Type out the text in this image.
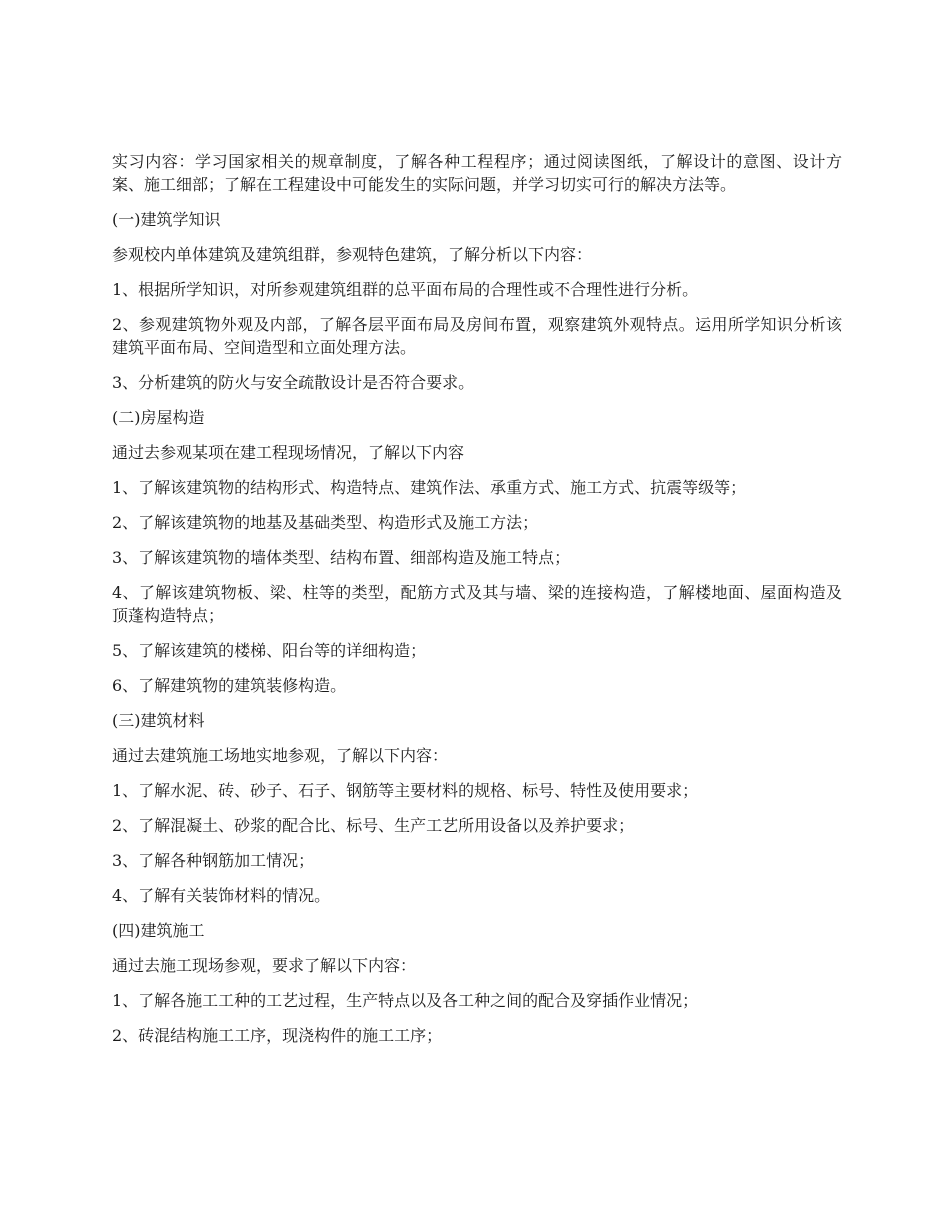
实习内容：学习国家相关的规章制度，了解各种工程程序；通过阅读图纸，了解设计的意图、设计方案、施工细部；了解在工程建设中可能发生的实际问题，并学习切实可行的解决方法等。

(一)建筑学知识

参观校内单体建筑及建筑组群，参观特色建筑，了解分析以下内容：

1、根据所学知识，对所参观建筑组群的总平面布局的合理性或不合理性进行分析。

2、参观建筑物外观及内部，了解各层平面布局及房间布置，观察建筑外观特点。运用所学知识分析该建筑平面布局、空间造型和立面处理方法。

3、分析建筑的防火与安全疏散设计是否符合要求。

(二)房屋构造

通过去参观某项在建工程现场情况，了解以下内容

1、了解该建筑物的结构形式、构造特点、建筑作法、承重方式、施工方式、抗震等级等；

2、了解该建筑物的地基及基础类型、构造形式及施工方法；

3、了解该建筑物的墙体类型、结构布置、细部构造及施工特点；

4、了解该建筑物板、梁、柱等的类型，配筋方式及其与墙、梁的连接构造，了解楼地面、屋面构造及顶蓬构造特点；

5、了解该建筑的楼梯、阳台等的详细构造；

6、了解建筑物的建筑装修构造。

(三)建筑材料

通过去建筑施工场地实地参观，了解以下内容：

1、了解水泥、砖、砂子、石子、钢筋等主要材料的规格、标号、特性及使用要求；

2、了解混凝土、砂浆的配合比、标号、生产工艺所用设备以及养护要求；

3、了解各种钢筋加工情况；

4、了解有关装饰材料的情况。

(四)建筑施工

通过去施工现场参观，要求了解以下内容：

1、了解各施工工种的工艺过程，生产特点以及各工种之间的配合及穿插作业情况；

2、砖混结构施工工序，现浇构件的施工工序；
